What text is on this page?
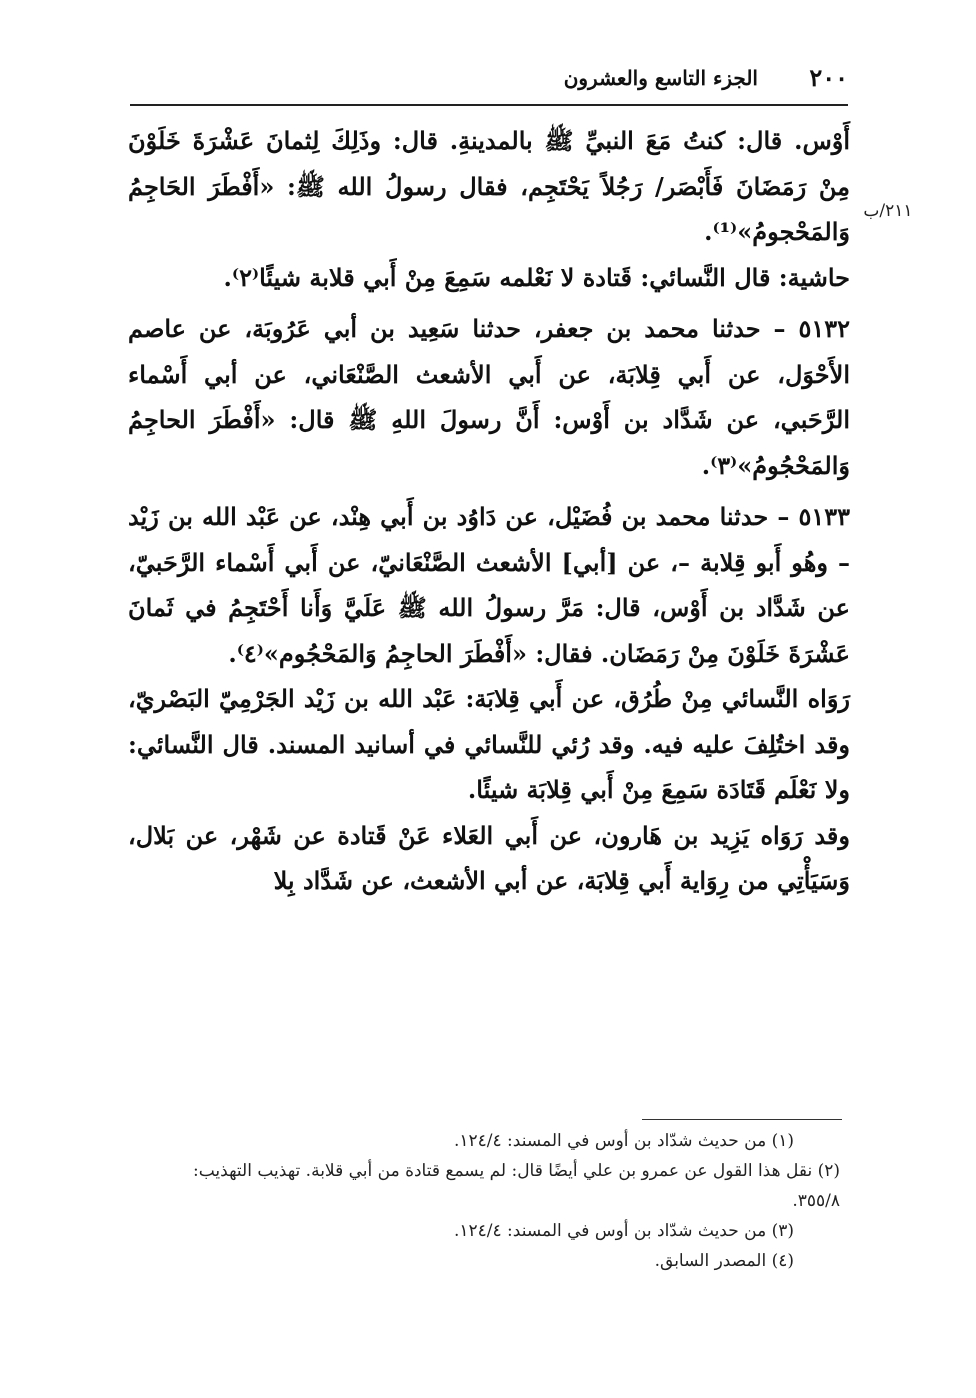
٢٠٠
الجزء التاسع والعشرون
٢١١/ب

أَوْس. قال: كنتُ مَعَ النبيِّ ﷺ بالمدينةِ. قال: وذَلِكَ لِثمانَ عَشْرَةَ خَلَوْنَ مِنْ رَمَضَانَ فَأَبْصَر/ رَجُلاً يَحْتَجِم، فقال رسولُ الله ﷺ: «أَفْطَرَ الحَاجِمُ وَالمَحْجومُ»⁽¹⁾.

حاشية: قال النَّسائي: قَتادة لا نَعْلمه سَمِعَ مِنْ أَبي قلابة شيئًا⁽٢⁾.

٥١٣٢ – حدثنا محمد بن جعفر، حدثنا سَعِيد بن أبي عَرُوبَة، عن عاصم الأَحْوَل، عن أَبي قِلابَة، عن أَبي الأشعث الصَّنْعَاني، عن أبي أَسْماء الرَّحَبي، عن شَدَّاد بن أَوْس: أَنَّ رسولَ اللهِ ﷺ قال: «أَفْطَرَ الحاجِمُ وَالمَحْجُومُ»⁽٣⁾.

٥١٣٣ – حدثنا محمد بن فُضَيْل، عن دَاوُد بن أَبي هِنْد، عن عَبْد الله بن زَيْد – وهُو أَبو قِلابة –، عن [أبي] الأشعث الصَّنْعَانيّ، عن أَبي أَسْماء الرَّحَبيّ، عن شَدَّاد بن أَوْس، قال: مَرَّ رسولُ الله ﷺ عَلَيَّ وَأَنا أَحْتَجِمُ في ثَمانَ عَشْرَةَ خَلَوْنَ مِنْ رَمَضَان. فقال: «أَفْطَرَ الحاجِمُ وَالمَحْجُوم»⁽٤⁾.

رَوَاه النَّسائي مِنْ طُرُق، عن أَبي قِلابَة: عَبْد الله بن زَيْد الجَرْمِيّ البَصْريّ، وقد اختُلِفَ عليه فيه. وقد رُئي للنَّسائي في أسانيد المسند. قال النَّسائي: ولا نَعْلَم قَتَادَة سَمِعَ مِنْ أَبي قِلابَة شيئًا.

وقد رَوَاه يَزِيد بن هَارون، عن أَبي العَلاء عَنْ قَتادة عن شَهْر، عن بَلال، وَسَيَأْتِي من رِوَاية أَبي قِلابَة، عن أبي الأشعث، عن شَدَّاد بِلا

(١) من حديث شدّاد بن أوس في المسند: ١٢٤/٤.

(٢) نقل هذا القول عن عمرو بن علي أيضًا قال: لم يسمع قتادة من أبي قلابة. تهذيب التهذيب: ٣٥٥/٨.

(٣) من حديث شدّاد بن أوس في المسند: ١٢٤/٤.

(٤) المصدر السابق.
